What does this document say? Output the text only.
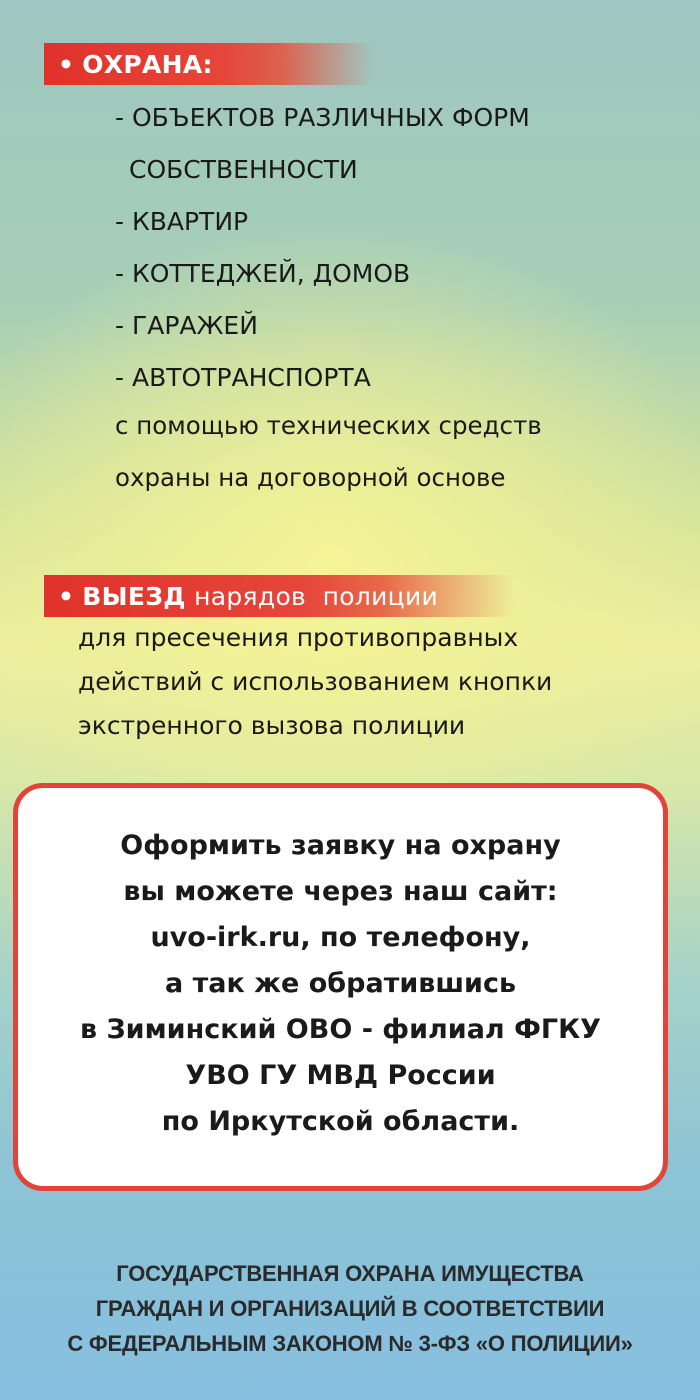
• ОХРАНА:
- ОБЪЕКТОВ РАЗЛИЧНЫХ ФОРМ
СОБСТВЕННОСТИ
- КВАРТИР
- КОТТЕДЖЕЙ, ДОМОВ
- ГАРАЖЕЙ
- АВТОТРАНСПОРТА
с помощью технических средств
охраны на договорной основе
• ВЫЕЗД нарядов  полиции
для пресечения противоправных
действий с использованием кнопки
экстренного вызова полиции
Оформить заявку на охрану
вы можете через наш сайт:
uvo-irk.ru, по телефону,
а так же обратившись
в Зиминский ОВО - филиал ФГКУ
УВО ГУ МВД России
по Иркутской области.
ГОСУДАРСТВЕННАЯ ОХРАНА ИМУЩЕСТВА
ГРАЖДАН И ОРГАНИЗАЦИЙ В СООТВЕТСТВИИ
С ФЕДЕРАЛЬНЫМ ЗАКОНОМ № 3-ФЗ «О ПОЛИЦИИ»
